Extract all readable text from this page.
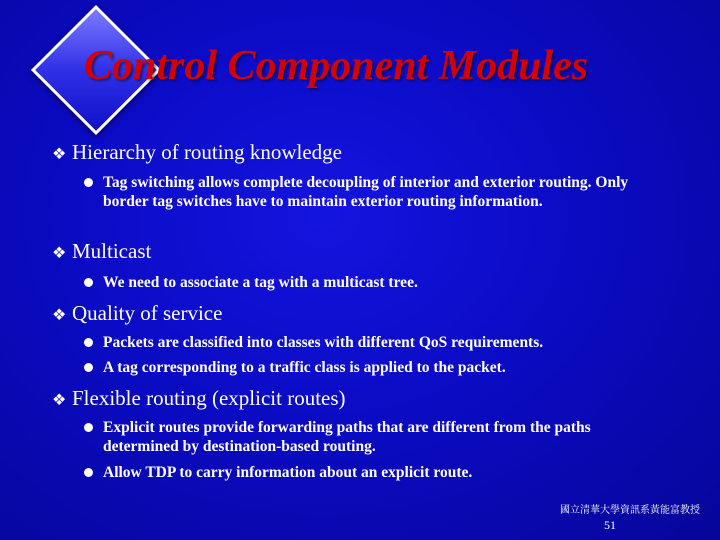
Control Component Modules
❖ Hierarchy of routing knowledge
Tag switching allows complete decoupling of interior and exterior routing. Only border tag switches have to maintain exterior routing information.
❖ Multicast
We need to associate a tag with a multicast tree.
❖ Quality of service
Packets are classified into classes with different QoS requirements.
A tag corresponding to a traffic class is applied to the packet.
❖ Flexible routing (explicit routes)
Explicit routes provide forwarding paths that are different from the paths determined by destination-based routing.
Allow TDP to carry information about an explicit route.
國立清華大學資訊系黃能富教授
51
